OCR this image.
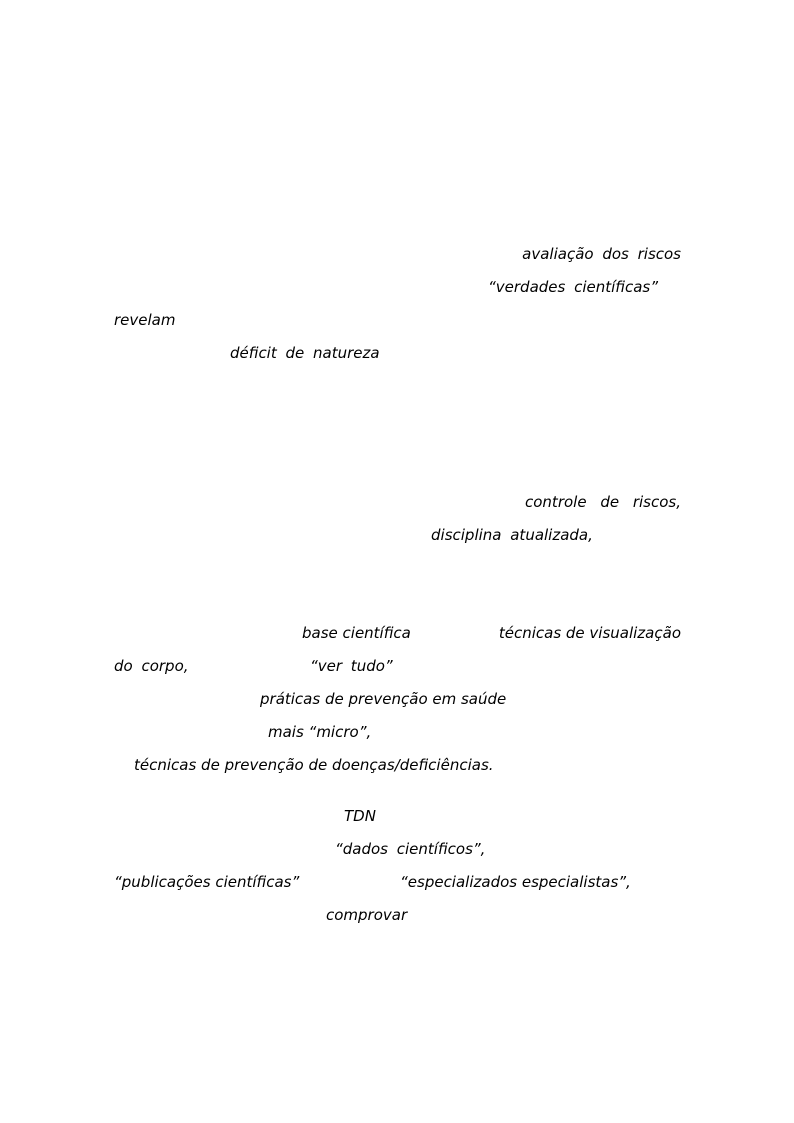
avaliação dos riscos
“verdades científicas”
revelam
déficit de natureza
controle de riscos,
disciplina atualizada,
base científica	técnicas de visualização
do corpo,	“ver tudo”
práticas de prevenção em saúde
mais “micro”,
técnicas de prevenção de doenças/deficiências.
TDN
“dados científicos”,
“publicações científicas”	“especializados especialistas”,
comprovar
